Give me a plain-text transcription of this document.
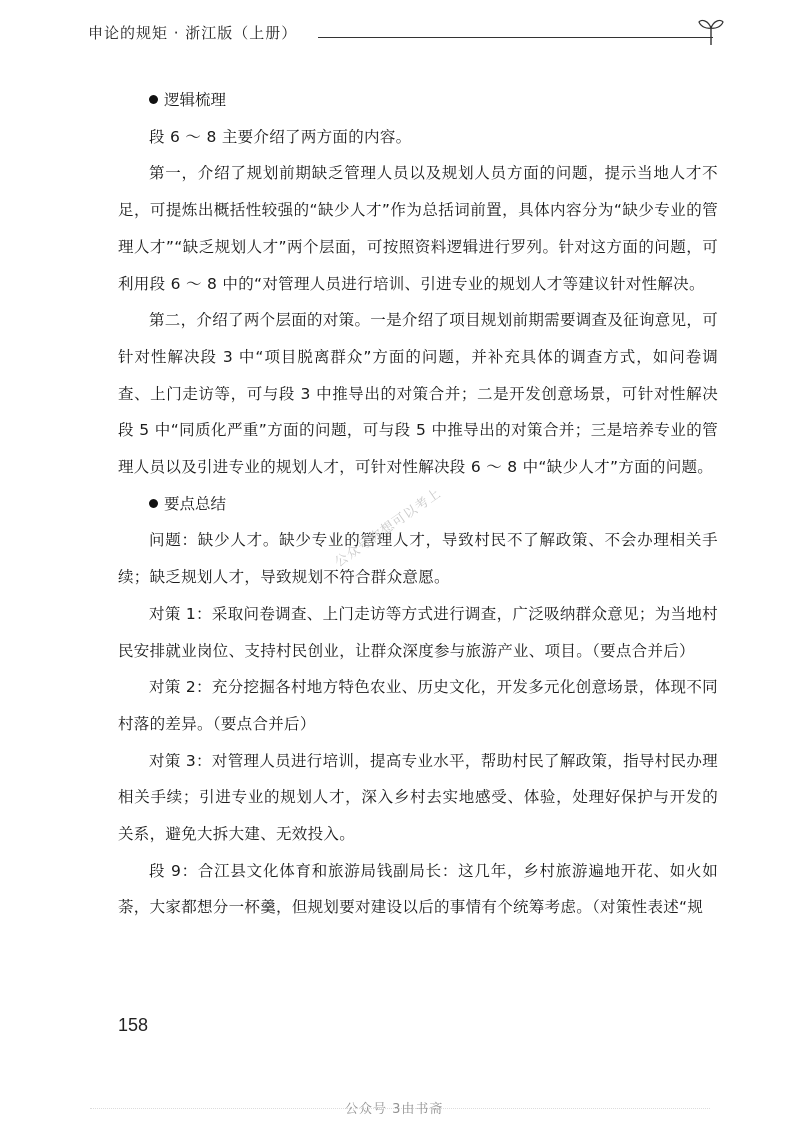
申论的规矩 · 浙江版（上册）

逻辑梳理

段 6 ～ 8 主要介绍了两方面的内容。

第一，介绍了规划前期缺乏管理人员以及规划人员方面的问题，提示当地人才不足，可提炼出概括性较强的“缺少人才”作为总括词前置，具体内容分为“缺少专业的管理人才”“缺乏规划人才”两个层面，可按照资料逻辑进行罗列。针对这方面的问题，可利用段 6 ～ 8 中的“对管理人员进行培训、引进专业的规划人才等建议针对性解决。

第二，介绍了两个层面的对策。一是介绍了项目规划前期需要调查及征询意见，可针对性解决段 3 中“项目脱离群众”方面的问题，并补充具体的调查方式，如问卷调查、上门走访等，可与段 3 中推导出的对策合并；二是开发创意场景，可针对性解决段 5 中“同质化严重”方面的问题，可与段 5 中推导出的对策合并；三是培养专业的管理人员以及引进专业的规划人才，可针对性解决段 6 ～ 8 中“缺少人才”方面的问题。

要点总结

问题：缺少人才。缺少专业的管理人才，导致村民不了解政策、不会办理相关手续；缺乏规划人才，导致规划不符合群众意愿。

对策 1：采取问卷调查、上门走访等方式进行调查，广泛吸纳群众意见；为当地村民安排就业岗位、支持村民创业，让群众深度参与旅游产业、项目。（要点合并后）

对策 2：充分挖掘各村地方特色农业、历史文化，开发多元化创意场景，体现不同村落的差异。（要点合并后）

对策 3：对管理人员进行培训，提高专业水平，帮助村民了解政策，指导村民办理相关手续；引进专业的规划人才，深入乡村去实地感受、体验，处理好保护与开发的关系，避免大拆大建、无效投入。

段 9：合江县文化体育和旅游局钱副局长：这几年，乡村旅游遍地开花、如火如荼，大家都想分一杯羹，但规划要对建设以后的事情有个统筹考虑。（对策性表述“规

公众号你想可以考上
158
公众号 3由书斋
